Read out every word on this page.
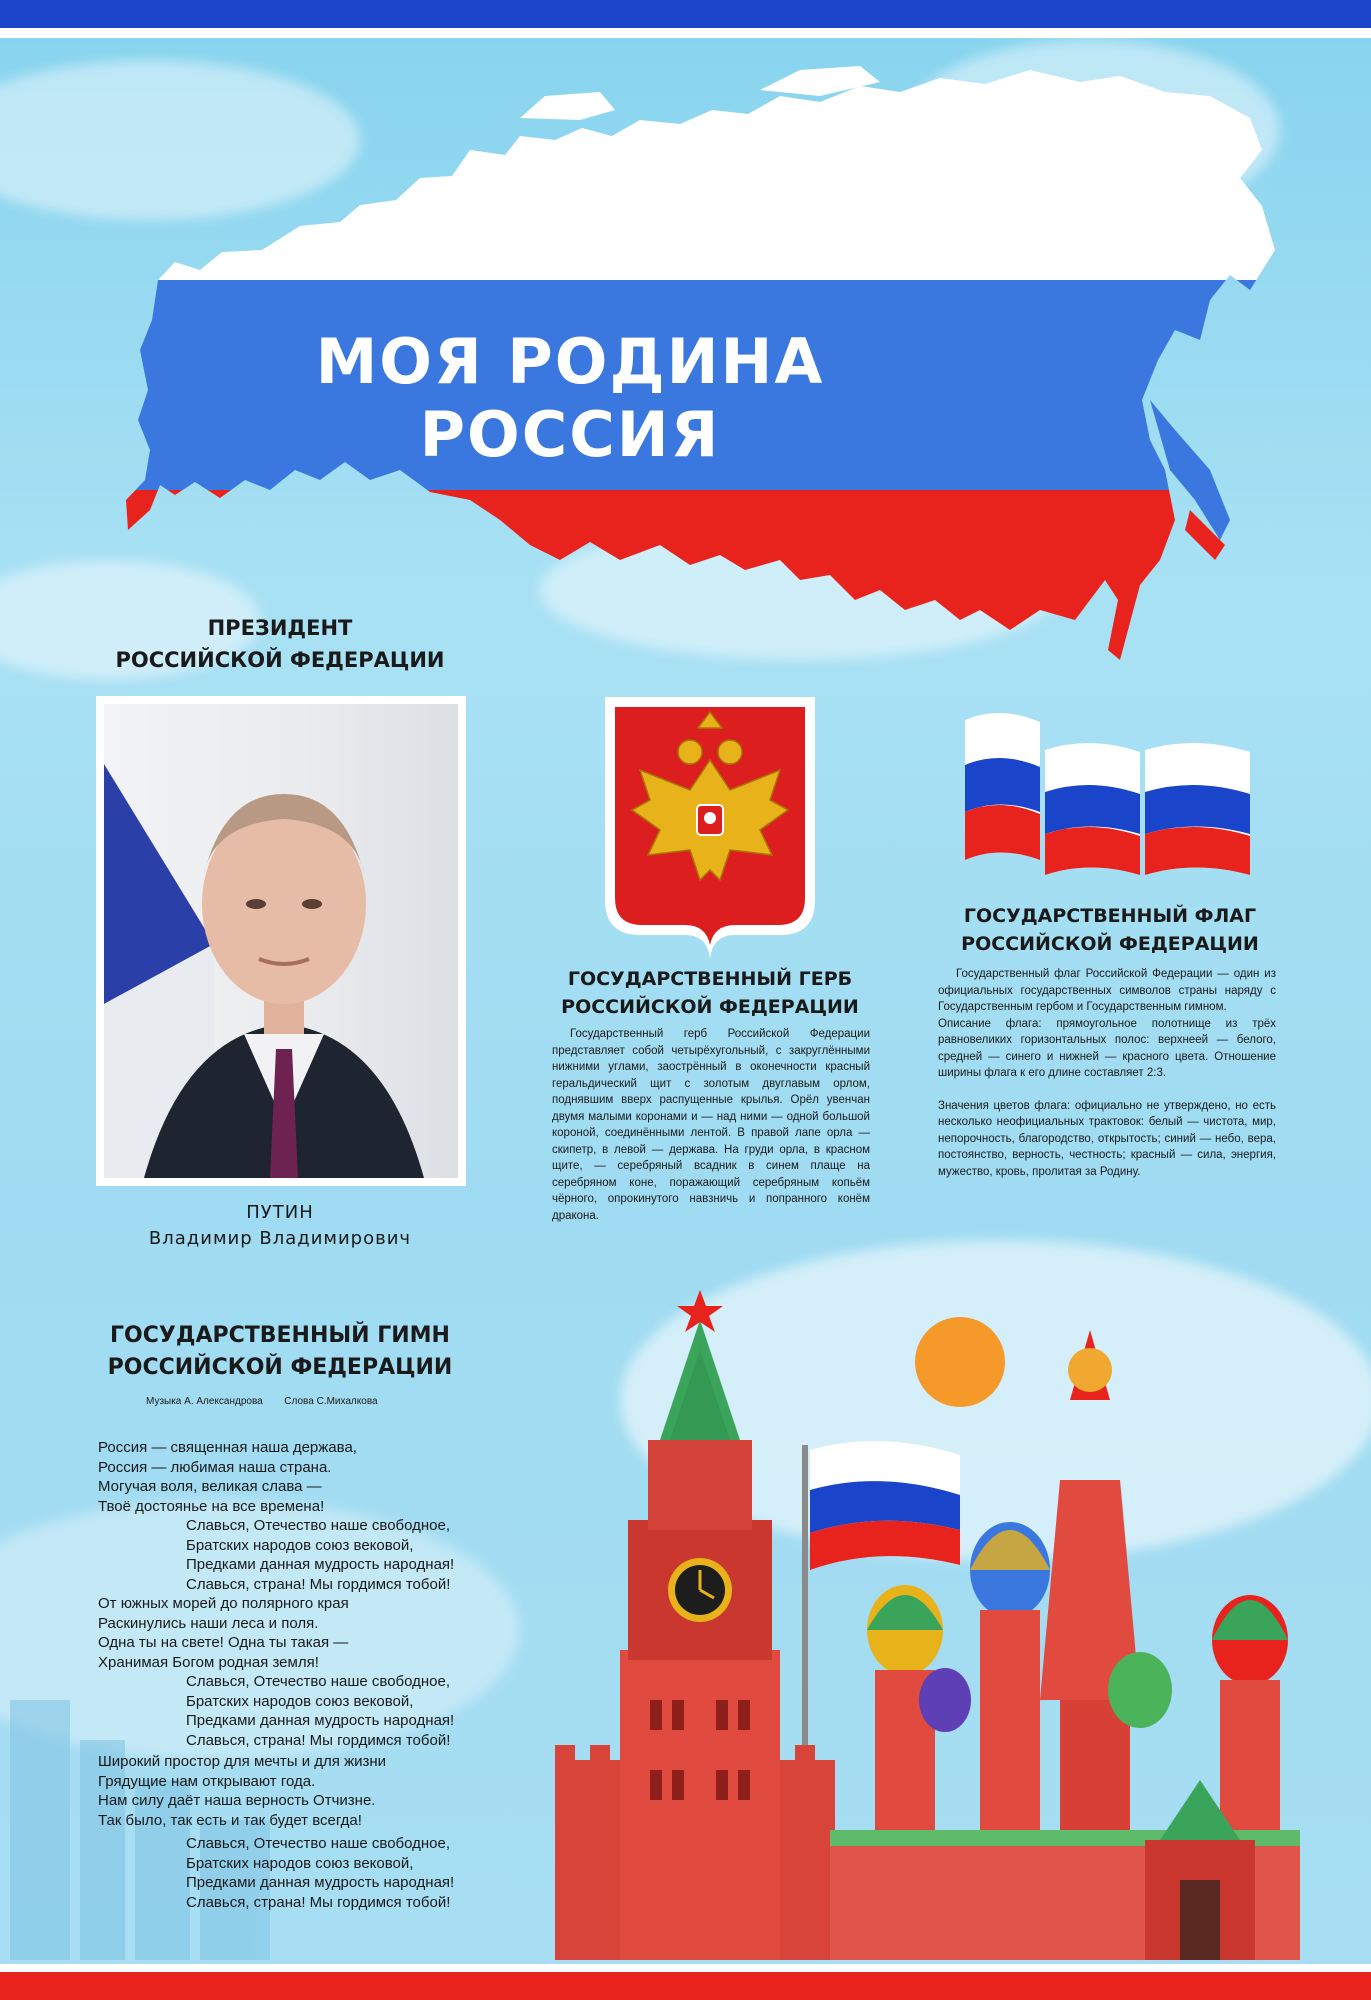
МОЯ РОДИНА РОССИЯ
ПРЕЗИДЕНТ
РОССИЙСКОЙ ФЕДЕРАЦИИ
ПУТИН
Владимир Владимирович
ГОСУДАРСТВЕННЫЙ ГЕРБ
РОССИЙСКОЙ ФЕДЕРАЦИИ

Государственный герб Российской Федерации представляет собой четырёхугольный, с закруглёнными нижними углами, заострённый в оконечности красный геральдический щит с золотым двуглавым орлом, поднявшим вверх распущенные крылья. Орёл увенчан двумя малыми коронами и — над ними — одной большой короной, соединёнными лентой. В правой лапе орла — скипетр, в левой — держава. На груди орла, в красном щите, — серебряный всадник в синем плаще на серебряном коне, поражающий серебряным копьём чёрного, опрокинутого навзничь и попранного конём дракона.

ГОСУДАРСТВЕННЫЙ ФЛАГ
РОССИЙСКОЙ ФЕДЕРАЦИИ

Государственный флаг Российской Федерации — один из официальных государственных символов страны наряду с Государственным гербом и Государственным гимном.

Описание флага: прямоугольное полотнище из трёх равновеликих горизонтальных полос: верхнеей — белого, средней — синего и нижней — красного цвета. Отношение ширины флага к его длине составляет 2:3.

Значения цветов флага: официально не утверждено, но есть несколько неофициальных трактовок: белый — чистота, мир, непорочность, благородство, открытость; синий — небо, вера, постоянство, верность, честность; красный — сила, энергия, мужество, кровь, пролитая за Родину.

ГОСУДАРСТВЕННЫЙ ГИМН
РОССИЙСКОЙ ФЕДЕРАЦИИ
Музыка А. Александрова Слова С.Михалкова
Россия — священная наша держава,
Россия — любимая наша страна.
Могучая воля, великая слава —
Твоё достоянье на все времена!
Славься, Отечество наше свободное,
Братских народов союз вековой,
Предками данная мудрость народная!
Славься, страна! Мы гордимся тобой!
От южных морей до полярного края
Раскинулись наши леса и поля.
Одна ты на свете! Одна ты такая —
Хранимая Богом родная земля!
Славься, Отечество наше свободное,
Братских народов союз вековой,
Предками данная мудрость народная!
Славься, страна! Мы гордимся тобой!
Широкий простор для мечты и для жизни
Грядущие нам открывают года.
Нам силу даёт наша верность Отчизне.
Так было, так есть и так будет всегда!
Славься, Отечество наше свободное,
Братских народов союз вековой,
Предками данная мудрость народная!
Славься, страна! Мы гордимся тобой!
